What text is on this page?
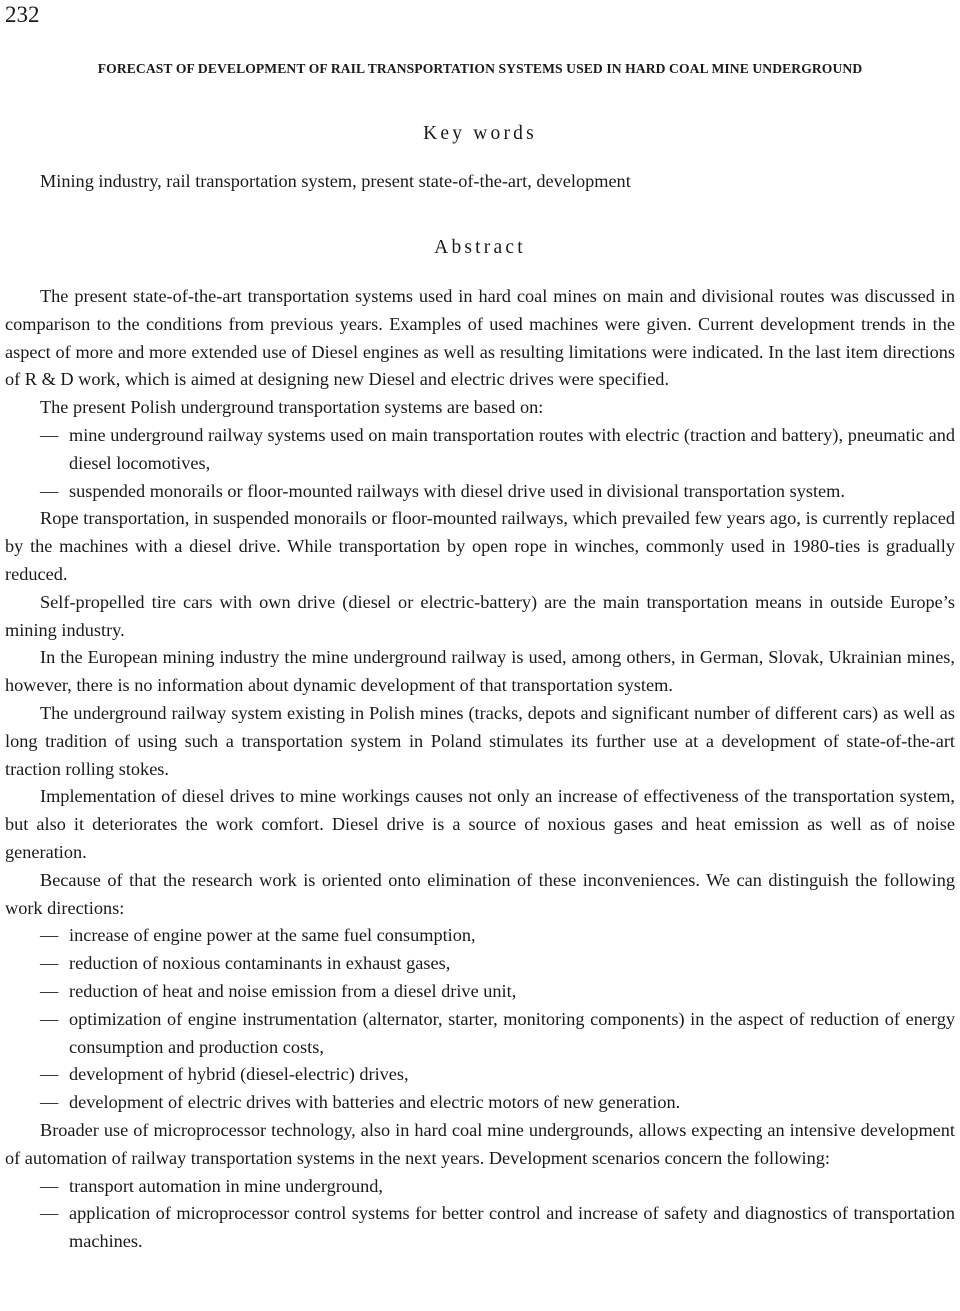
232
FORECAST OF DEVELOPMENT OF RAIL TRANSPORTATION SYSTEMS USED IN HARD COAL MINE UNDERGROUND
Key words
Mining industry, rail transportation system, present state-of-the-art, development
Abstract

The present state-of-the-art transportation systems used in hard coal mines on main and divisional routes was discussed in comparison to the conditions from previous years. Examples of used machines were given. Current development trends in the aspect of more and more extended use of Diesel engines as well as resulting limitations were indicated. In the last item directions of R & D work, which is aimed at designing new Diesel and electric drives were specified.

The present Polish underground transportation systems are based on:

— mine underground railway systems used on main transportation routes with electric (traction and battery), pneumatic and diesel locomotives,
— suspended monorails or floor-mounted railways with diesel drive used in divisional transportation system.

Rope transportation, in suspended monorails or floor-mounted railways, which prevailed few years ago, is currently replaced by the machines with a diesel drive. While transportation by open rope in winches, commonly used in 1980-ties is gradually reduced.

Self-propelled tire cars with own drive (diesel or electric-battery) are the main transportation means in outside Europe’s mining industry.

In the European mining industry the mine underground railway is used, among others, in German, Slovak, Ukrainian mines, however, there is no information about dynamic development of that transportation system.

The underground railway system existing in Polish mines (tracks, depots and significant number of different cars) as well as long tradition of using such a transportation system in Poland stimulates its further use at a development of state-of-the-art traction rolling stokes.

Implementation of diesel drives to mine workings causes not only an increase of effectiveness of the transportation system, but also it deteriorates the work comfort. Diesel drive is a source of noxious gases and heat emission as well as of noise generation.

Because of that the research work is oriented onto elimination of these inconveniences. We can distinguish the following work directions:

— increase of engine power at the same fuel consumption,
— reduction of noxious contaminants in exhaust gases,
— reduction of heat and noise emission from a diesel drive unit,
— optimization of engine instrumentation (alternator, starter, monitoring components) in the aspect of reduction of energy consumption and production costs,
— development of hybrid (diesel-electric) drives,
— development of electric drives with batteries and electric motors of new generation.

Broader use of microprocessor technology, also in hard coal mine undergrounds, allows expecting an intensive development of automation of railway transportation systems in the next years. Development scenarios concern the following:

— transport automation in mine underground,
— application of microprocessor control systems for better control and increase of safety and diagnostics of transportation machines.
